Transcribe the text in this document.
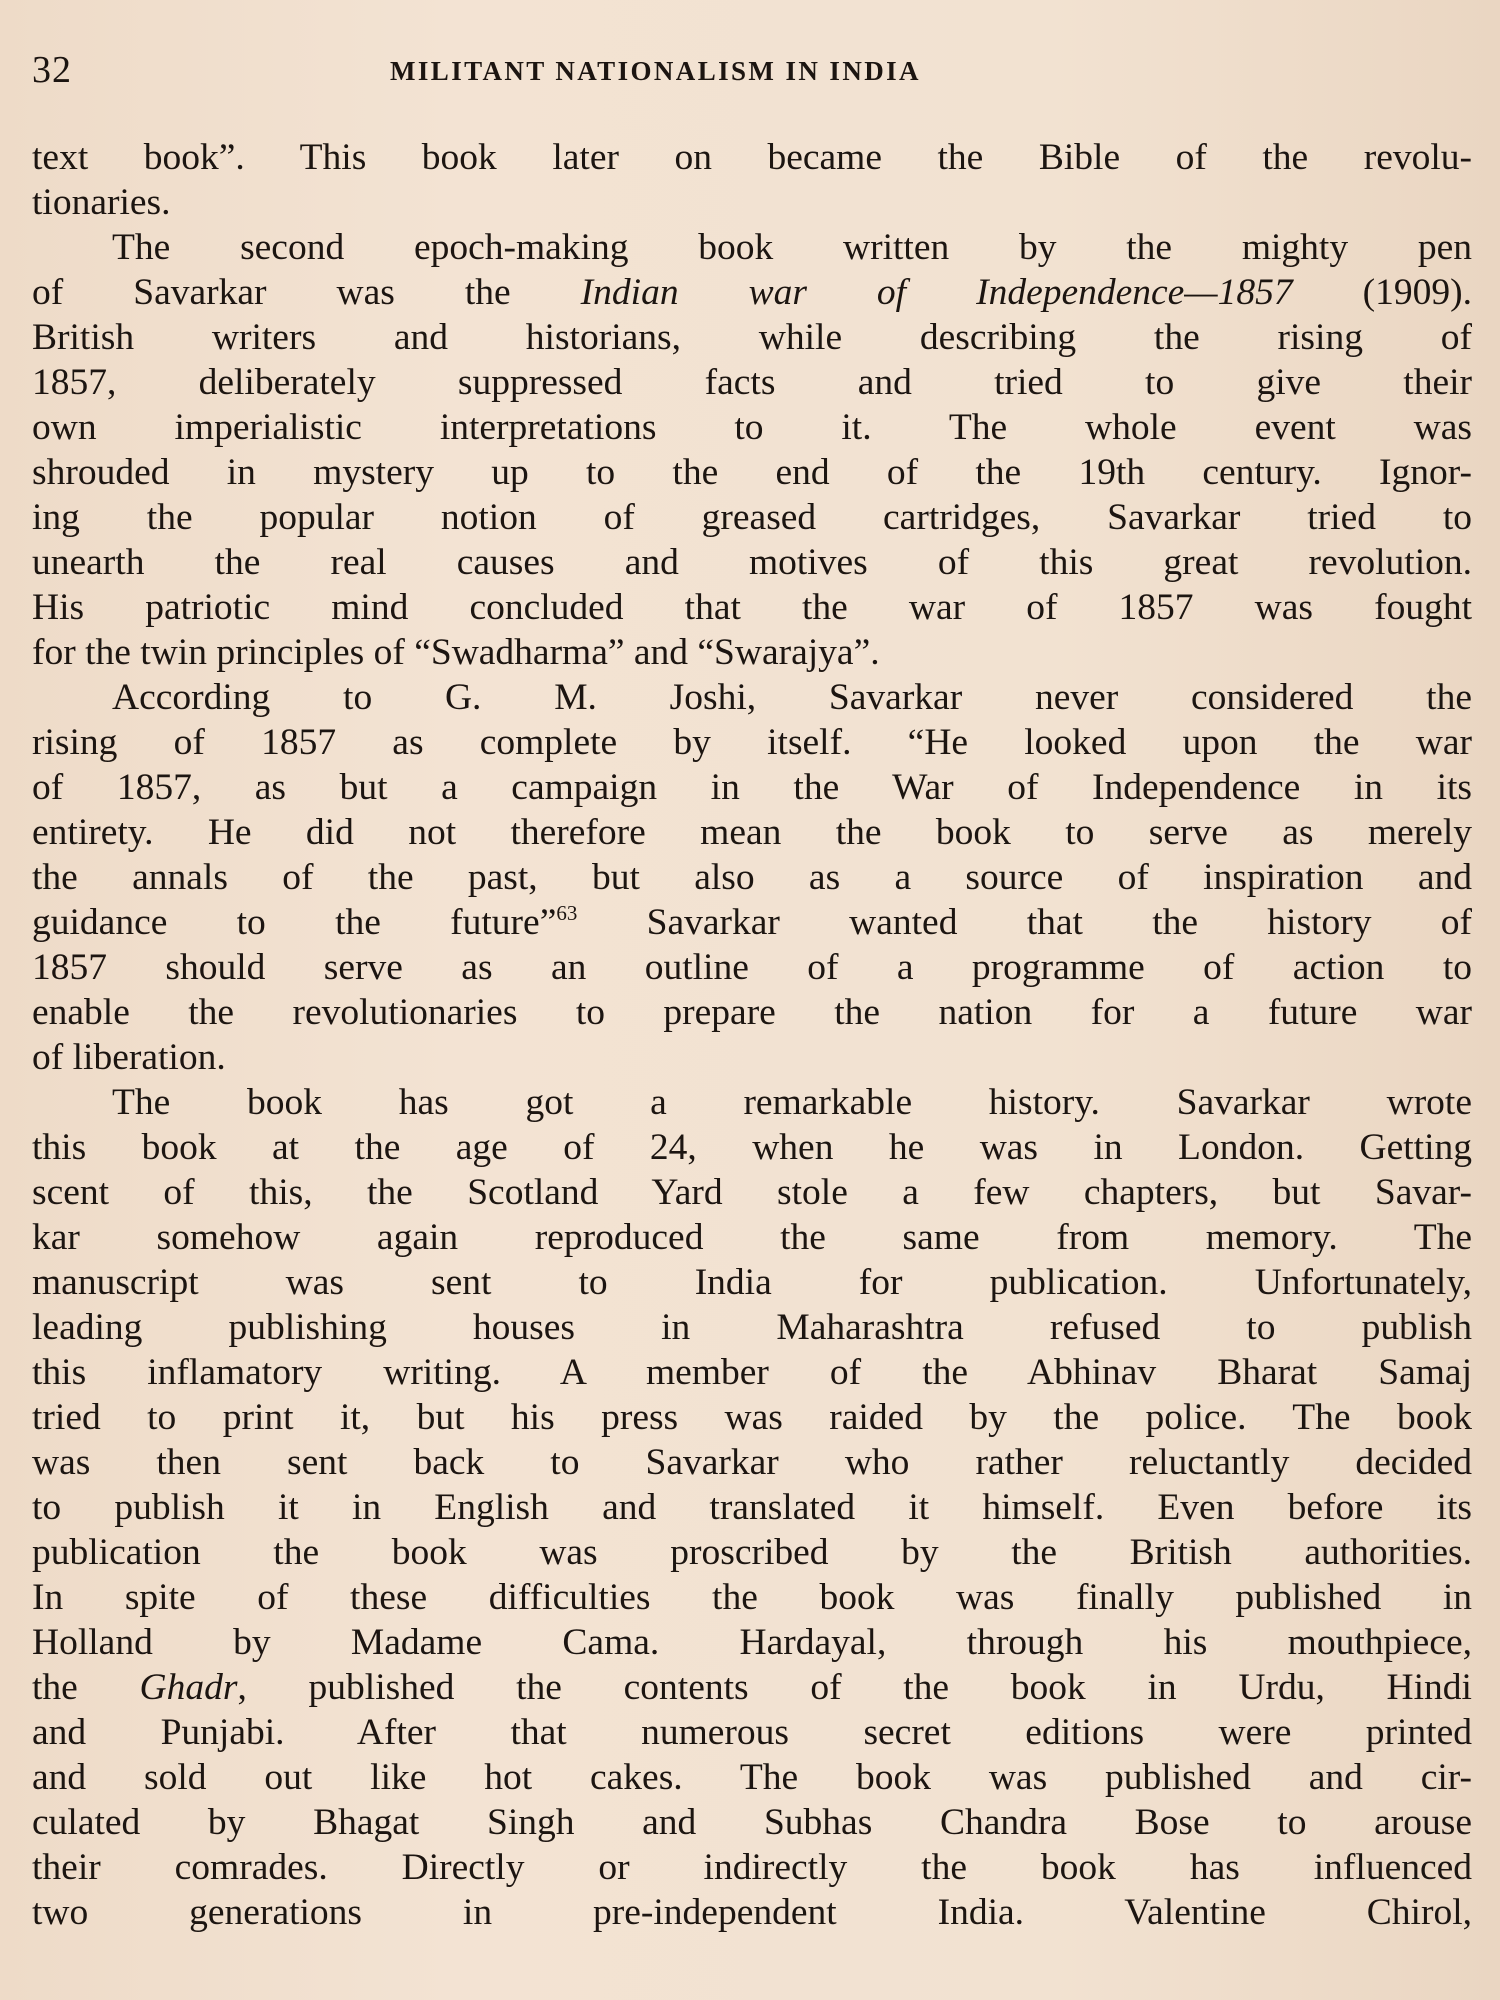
32	MILITANT NATIONALISM IN INDIA
text book”. This book later on became the Bible of the revolu-
tionaries.
The second epoch-making book written by the mighty pen
of Savarkar was the Indian war of Independence—1857 (1909).
British writers and historians, while describing the rising of
1857, deliberately suppressed facts and tried to give their
own imperialistic interpretations to it. The whole event was
shrouded in mystery up to the end of the 19th century. Ignor-
ing the popular notion of greased cartridges, Savarkar tried to
unearth the real causes and motives of this great revolution.
His patriotic mind concluded that the war of 1857 was fought
for the twin principles of “Swadharma” and “Swarajya”.
According to G. M. Joshi, Savarkar never considered the
rising of 1857 as complete by itself. “He looked upon the war
of 1857, as but a campaign in the War of Independence in its
entirety. He did not therefore mean the book to serve as merely
the annals of the past, but also as a source of inspiration and
guidance to the future”$^{63}$ Savarkar wanted that the history of
1857 should serve as an outline of a programme of action to
enable the revolutionaries to prepare the nation for a future war
of liberation.
The book has got a remarkable history. Savarkar wrote
this book at the age of 24, when he was in London. Getting
scent of this, the Scotland Yard stole a few chapters, but Savar-
kar somehow again reproduced the same from memory. The
manuscript was sent to India for publication. Unfortunately,
leading publishing houses in Maharashtra refused to publish
this inflamatory writing. A member of the Abhinav Bharat Samaj
tried to print it, but his press was raided by the police. The book
was then sent back to Savarkar who rather reluctantly decided
to publish it in English and translated it himself. Even before its
publication the book was proscribed by the British authorities.
In spite of these difficulties the book was finally published in
Holland by Madame Cama. Hardayal, through his mouthpiece,
the Ghadr, published the contents of the book in Urdu, Hindi
and Punjabi. After that numerous secret editions were printed
and sold out like hot cakes. The book was published and cir-
culated by Bhagat Singh and Subhas Chandra Bose to arouse
their comrades. Directly or indirectly the book has influenced
two generations in pre-independent India. Valentine Chirol,
